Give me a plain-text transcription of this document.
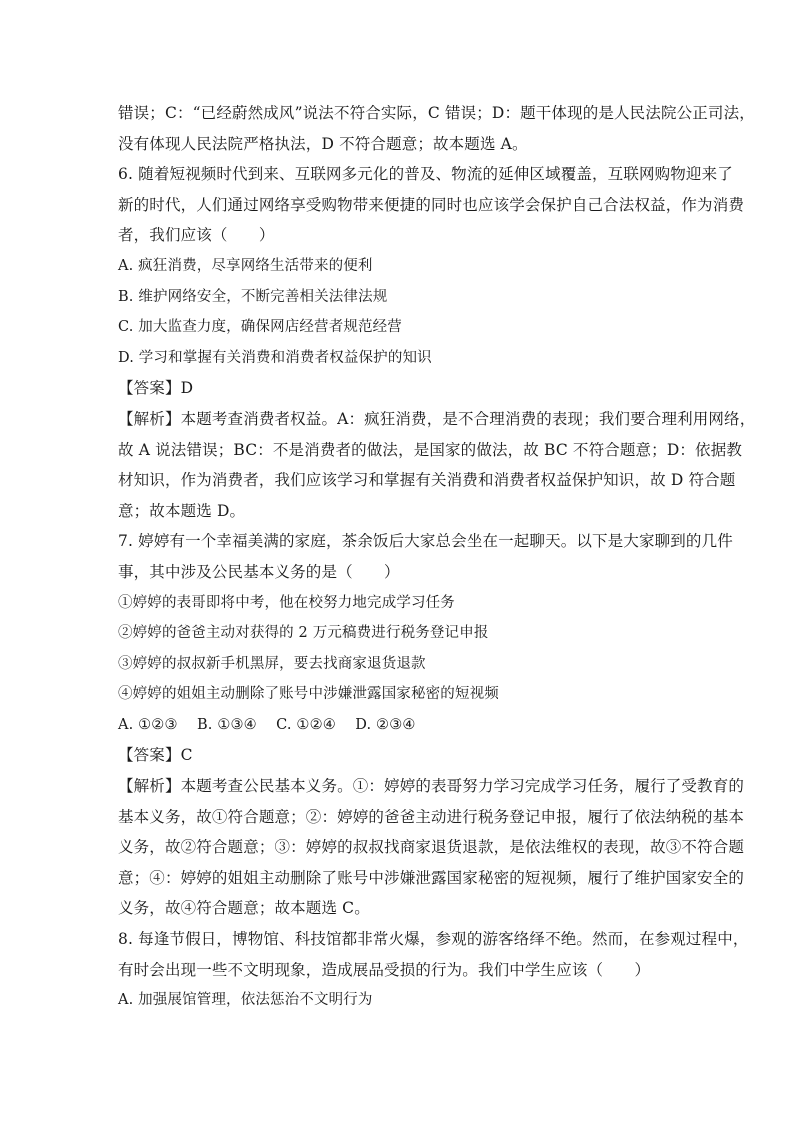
错误；C：“已经蔚然成风”说法不符合实际，C 错误；D：题干体现的是人民法院公正司法，
没有体现人民法院严格执法，D 不符合题意；故本题选 A。
6. 随着短视频时代到来、互联网多元化的普及、物流的延伸区域覆盖，互联网购物迎来了
新的时代，人们通过网络享受购物带来便捷的同时也应该学会保护自己合法权益，作为消费
者，我们应该（　　）
A. 疯狂消费，尽享网络生活带来的便利
B. 维护网络安全，不断完善相关法律法规
C. 加大监查力度，确保网店经营者规范经营
D. 学习和掌握有关消费和消费者权益保护的知识
【答案】D
【解析】本题考查消费者权益。A：疯狂消费，是不合理消费的表现；我们要合理利用网络，
故 A 说法错误；BC：不是消费者的做法，是国家的做法，故 BC 不符合题意；D：依据教
材知识，作为消费者，我们应该学习和掌握有关消费和消费者权益保护知识，故 D 符合题
意；故本题选 D。
7. 婷婷有一个幸福美满的家庭，茶余饭后大家总会坐在一起聊天。以下是大家聊到的几件
事，其中涉及公民基本义务的是（　　）
①婷婷的表哥即将中考，他在校努力地完成学习任务
②婷婷的爸爸主动对获得的 2 万元稿费进行税务登记申报
③婷婷的叔叔新手机黑屏，要去找商家退货退款
④婷婷的姐姐主动删除了账号中涉嫌泄露国家秘密的短视频
A. ①②③　 B. ①③④　 C. ①②④　 D. ②③④
【答案】C
【解析】本题考查公民基本义务。①：婷婷的表哥努力学习完成学习任务，履行了受教育的
基本义务，故①符合题意；②：婷婷的爸爸主动进行税务登记申报，履行了依法纳税的基本
义务，故②符合题意；③：婷婷的叔叔找商家退货退款，是依法维权的表现，故③不符合题
意；④：婷婷的姐姐主动删除了账号中涉嫌泄露国家秘密的短视频，履行了维护国家安全的
义务，故④符合题意；故本题选 C。
8. 每逢节假日，博物馆、科技馆都非常火爆，参观的游客络绎不绝。然而，在参观过程中，
有时会出现一些不文明现象，造成展品受损的行为。我们中学生应该（　　）
A. 加强展馆管理，依法惩治不文明行为
